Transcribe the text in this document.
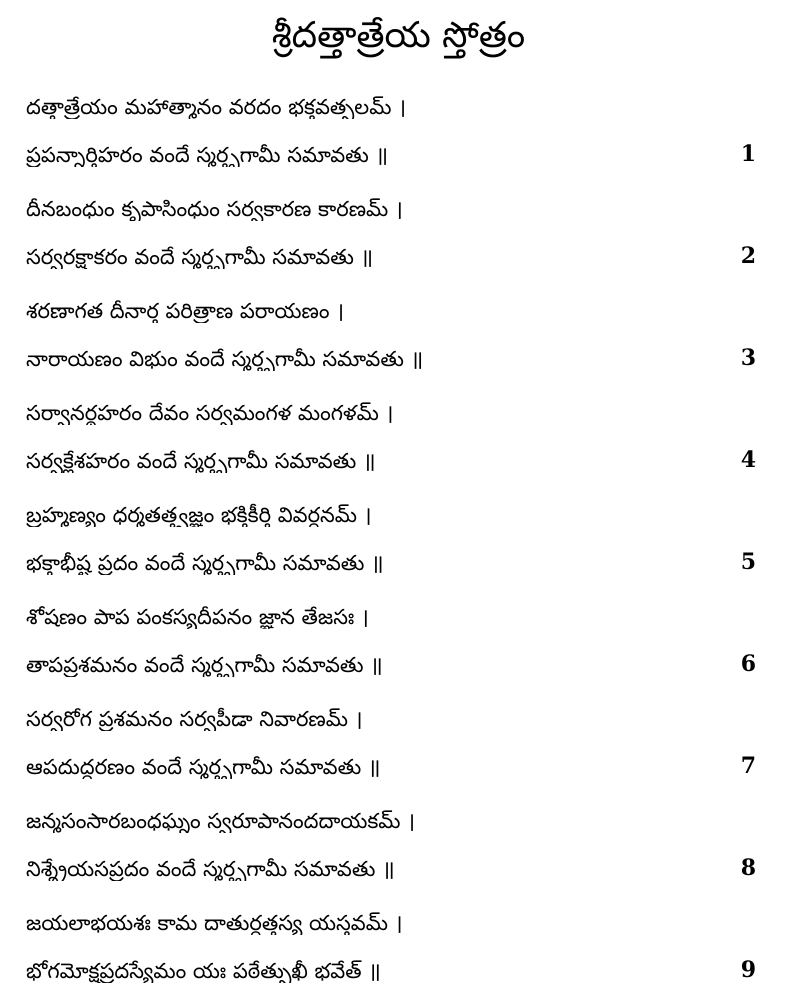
శ్రీదత్తాత్రేయ స్తోత్రం
దత్తాత్రేయం మహాత్మానం వరదం భక్తవత్సలమ్ ।
ప్రపన్నార్తిహరం వందే స్మర్తృగామీ సమావతు ॥	1
దీనబంధుం కృపాసింధుం సర్వకారణ కారణమ్ ।
సర్వరక్షాకరం వందే స్మర్తృగామీ సమావతు ॥	2
శరణాగత దీనార్త పరిత్రాణ పరాయణం ।
నారాయణం విభుం వందే స్మర్తృగామీ సమావతు ॥	3
సర్వానర్థహరం దేవం సర్వమంగళ మంగళమ్ ।
సర్వక్లేశహరం వందే స్మర్తృగామీ సమావతు ॥	4
బ్రహ్మణ్యం ధర్మతత్త్వజ్ఞం భక్తికీర్తి వివర్ధనమ్ ।
భక్తాభీష్ట ప్రదం వందే స్మర్తృగామీ సమావతు ॥	5
శోషణం పాప పంకస్యదీపనం జ్ఞాన తేజసః ।
తాపప్రశమనం వందే స్మర్తృగామీ సమావతు ॥	6
సర్వరోగ ప్రశమనం సర్వపీడా నివారణమ్ ।
ఆపదుద్ధరణం వందే స్మర్తృగామీ సమావతు ॥	7
జన్మసంసారబంధఘ్నం స్వరూపానందదాయకమ్ ।
నిశ్శ్రేయసప్రదం వందే స్మర్తృగామీ సమావతు ॥	8
జయలాభయశః కామ దాతుర్దత్తస్య యస్తవమ్ ।
భోగమోక్షప్రదస్యేమం యః పఠేత్సుఖీ భవేత్ ॥	9
